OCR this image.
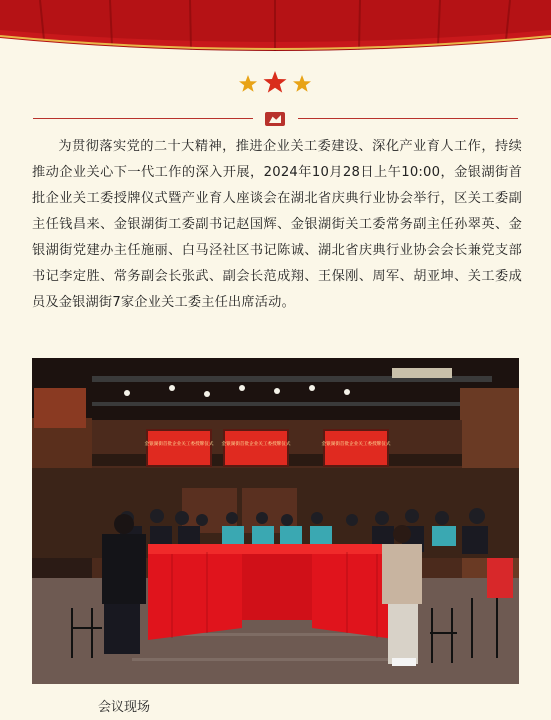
为贯彻落实党的二十大精神，推进企业关工委建设、深化产业育人工作，持续推动企业关心下一代工作的深入开展，2024年10月28日上午10:00，金银湖街首批企业关工委授牌仪式暨产业育人座谈会在湖北省庆典行业协会举行，区关工委副主任钱昌来、金银湖街工委副书记赵国辉、金银湖街关工委常务副主任孙翠英、金银湖街党建办主任施丽、白马泾社区书记陈诚、湖北省庆典行业协会会长兼党支部书记李定胜、常务副会长张武、副会长范成翔、王保刚、周军、胡亚坤、关工委成员及金银湖街7家企业关工委主任出席活动。

金银湖街首批企业关工委授牌仪式 金银湖街首批企业关工委授牌仪式	金银湖街首批企业关工委授牌仪式
会议现场
